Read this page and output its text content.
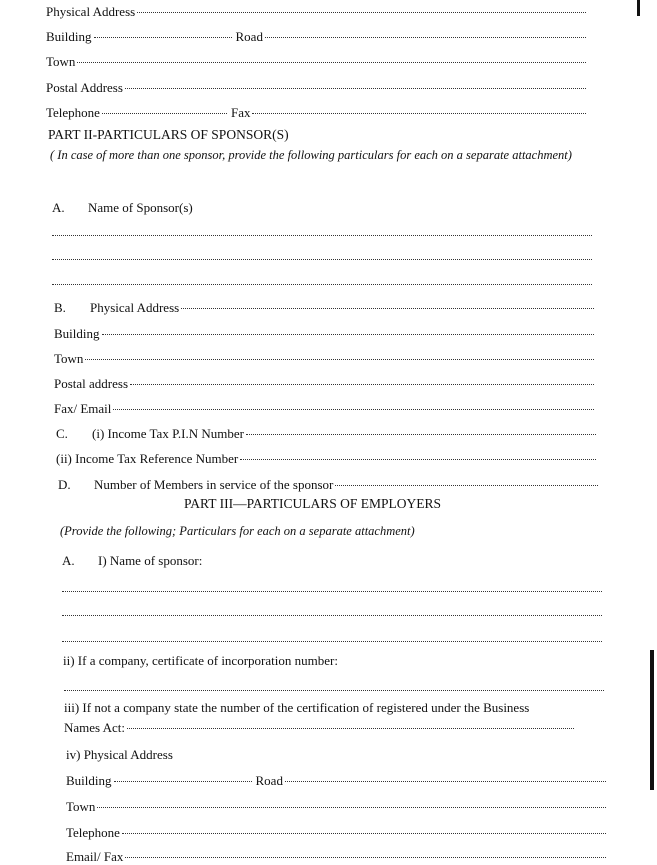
Physical Address
Building	Road
Town
Postal Address
Telephone	Fax
PART II-PARTICULARS OF SPONSOR(S)
( In case of more than one sponsor, provide the following particulars for each on a separate attachment)
A.	Name of Sponsor(s)
B.	Physical Address
Building
Town
Postal address
Fax/ Email
C.	(i) Income Tax P.I.N Number
(ii) Income Tax Reference Number
D.	Number of Members in service of the sponsor
PART III—PARTICULARS OF EMPLOYERS
(Provide the following; Particulars for each on a separate attachment)
A.	I) Name of sponsor:
ii) If a company, certificate of incorporation number:
iii) If not a company state the number of the certification of registered under the Business
Names Act:
iv) Physical Address
Building	Road
Town
Telephone
Email/ Fax
